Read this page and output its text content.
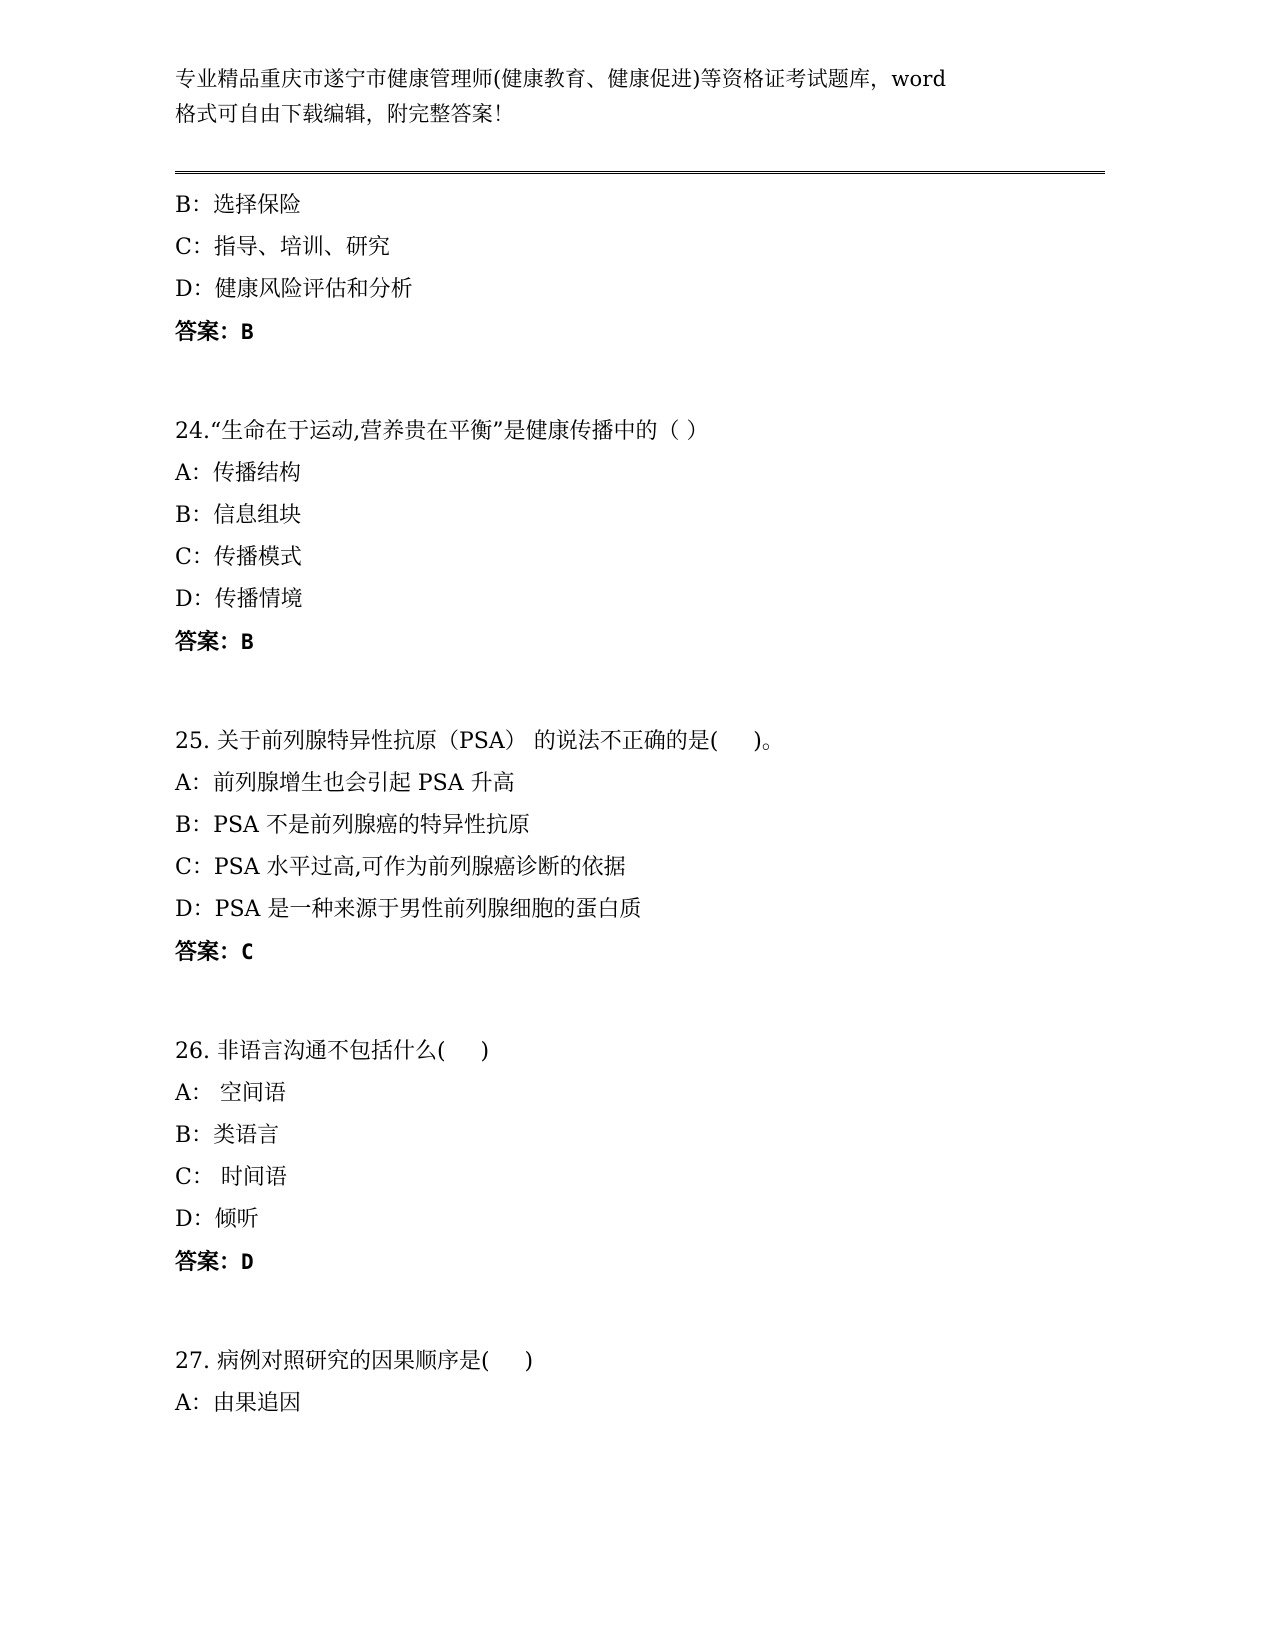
专业精品重庆市遂宁市健康管理师(健康教育、健康促进)等资格证考试题库，word
格式可自由下载编辑，附完整答案！
B：选择保险
C：指导、培训、研究
D：健康风险评估和分析
答案：B
24.“生命在于运动,营养贵在平衡”是健康传播中的（ ）
A：传播结构
B：信息组块
C：传播模式
D：传播情境
答案：B
25. 关于前列腺特异性抗原（PSA） 的说法不正确的是(     )。
A：前列腺增生也会引起 PSA 升高
B：PSA 不是前列腺癌的特异性抗原
C：PSA 水平过高,可作为前列腺癌诊断的依据
D：PSA 是一种来源于男性前列腺细胞的蛋白质
答案：C
26. 非语言沟通不包括什么(     )
A： 空间语
B：类语言
C： 时间语
D：倾听
答案：D
27. 病例对照研究的因果顺序是(     )
A：由果追因
